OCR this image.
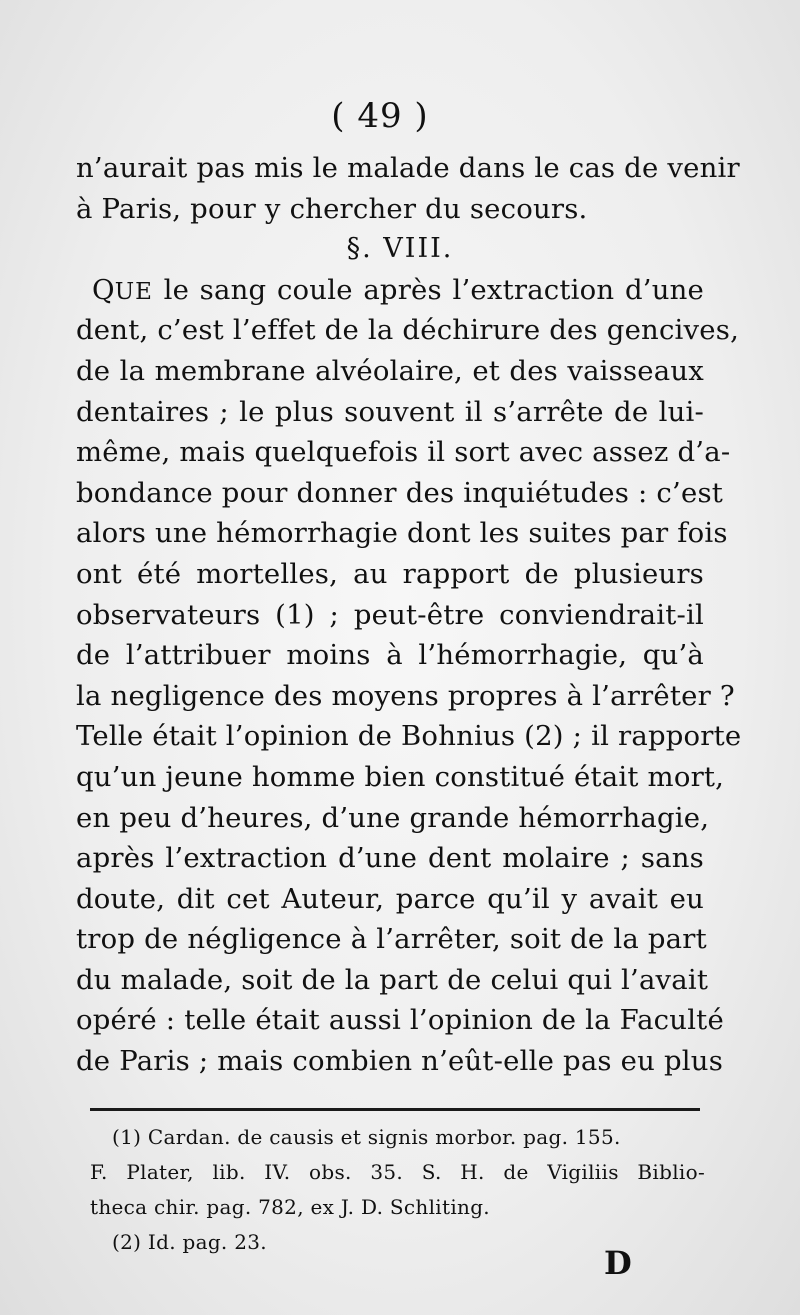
( 49 )
n’aurait pas mis le malade dans le cas de venir
à Paris, pour y chercher du secours.
§. VIII.
QUE le sang coule après l’extraction d’une
dent, c’est l’effet de la déchirure des gencives,
de la membrane alvéolaire, et des vaisseaux
dentaires ; le plus souvent il s’arrête de lui-
même, mais quelquefois il sort avec assez d’a-
bondance pour donner des inquiétudes : c’est
alors une hémorrhagie dont les suites par fois
ont été mortelles, au rapport de plusieurs
observateurs (1) ; peut-être conviendrait-il
de l’attribuer moins à l’hémorrhagie, qu’à
la negligence des moyens propres à l’arrêter ?
Telle était l’opinion de Bohnius (2) ; il rapporte
qu’un jeune homme bien constitué était mort,
en peu d’heures, d’une grande hémorrhagie,
après l’extraction d’une dent molaire ; sans
doute, dit cet Auteur, parce qu’il y avait eu
trop de négligence à l’arrêter, soit de la part
du malade, soit de la part de celui qui l’avait
opéré : telle était aussi l’opinion de la Faculté
de Paris ; mais combien n’eût-elle pas eu plus
(1) Cardan. de causis et signis morbor. pag. 155.
F. Plater, lib. IV. obs. 35. S. H. de Vigiliis Biblio-
theca chir. pag. 782, ex J. D. Schliting.
(2) Id. pag. 23.
D
